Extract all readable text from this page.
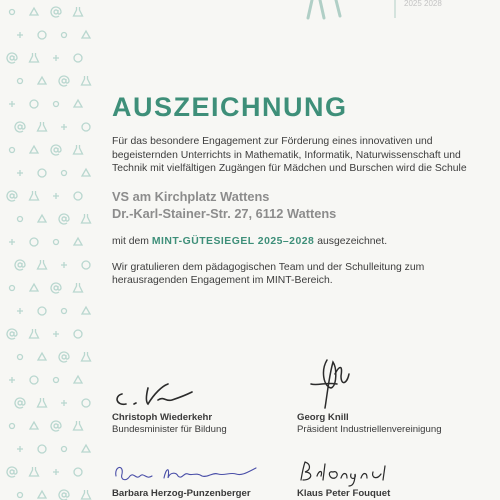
2025 2028
AUSZEICHNUNG

Für das besondere Engagement zur Förderung eines innovativen und begeisternden Unterrichts in Mathematik, Informatik, Naturwissenschaft und Technik mit vielfältigen Zugängen für Mädchen und Burschen wird die Schule

VS am Kirchplatz Wattens
Dr.-Karl-Stainer-Str. 27, 6112 Wattens

mit dem MINT-GÜTESIEGEL 2025–2028 ausgezeichnet.

Wir gratulieren dem pädagogischen Team und der Schulleitung zum herausragenden Engagement im MINT-Bereich.

Christoph Wiederkehr
Bundesminister für Bildung
Georg Knill
Präsident Industriellenvereinigung
Barbara Herzog-Punzenberger	Klaus Peter Fouquet
